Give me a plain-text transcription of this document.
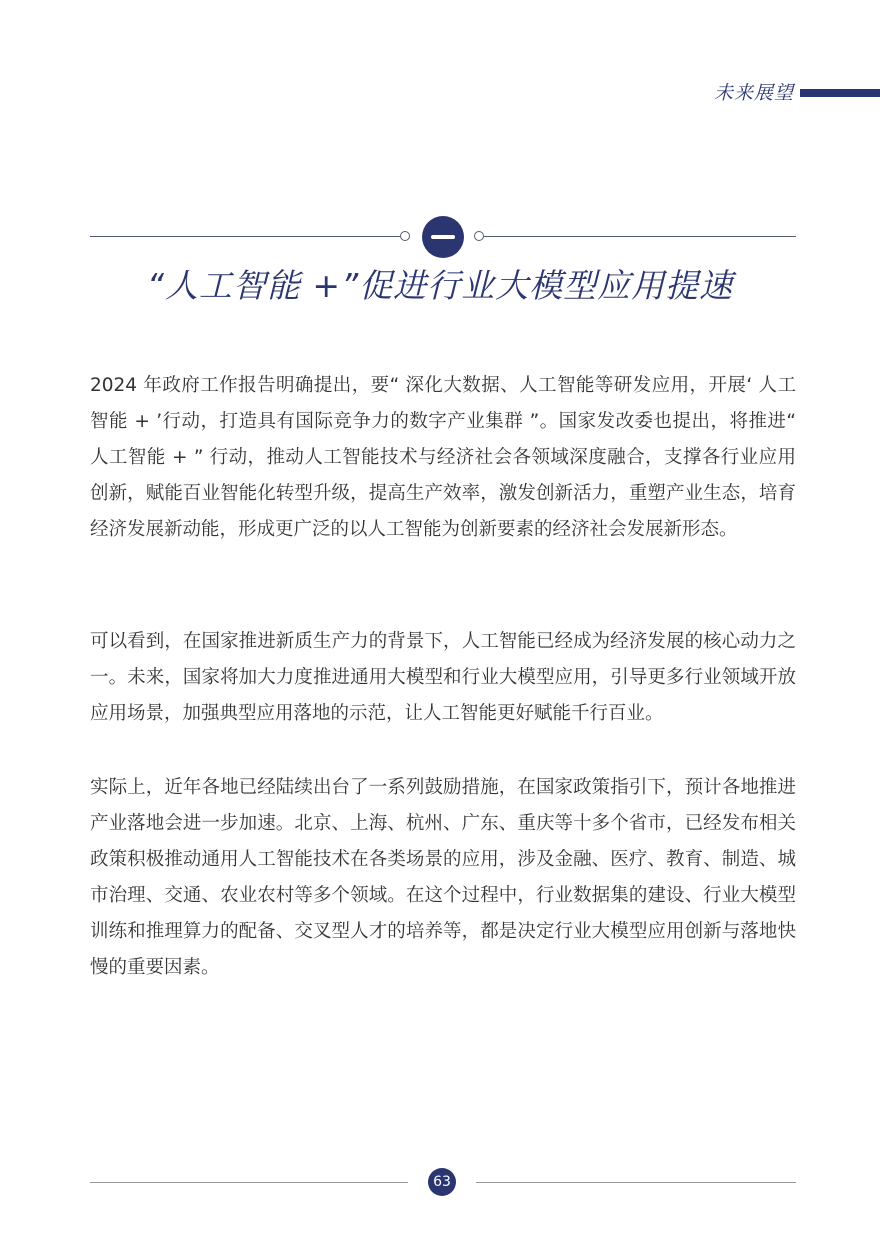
未来展望
“人工智能 +”促进行业大模型应用提速

2024 年政府工作报告明确提出，要“ 深化大数据、人工智能等研发应用，开展‘ 人工智能 + ’行动，打造具有国际竞争力的数字产业集群 ”。国家发改委也提出，将推进“ 人工智能 + ” 行动，推动人工智能技术与经济社会各领域深度融合，支撑各行业应用创新，赋能百业智能化转型升级，提高生产效率，激发创新活力，重塑产业生态，培育经济发展新动能，形成更广泛的以人工智能为创新要素的经济社会发展新形态。

可以看到，在国家推进新质生产力的背景下，人工智能已经成为经济发展的核心动力之一。未来，国家将加大力度推进通用大模型和行业大模型应用，引导更多行业领域开放应用场景，加强典型应用落地的示范，让人工智能更好赋能千行百业。

实际上，近年各地已经陆续出台了一系列鼓励措施，在国家政策指引下，预计各地推进产业落地会进一步加速。北京、上海、杭州、广东、重庆等十多个省市，已经发布相关政策积极推动通用人工智能技术在各类场景的应用，涉及金融、医疗、教育、制造、城市治理、交通、农业农村等多个领域。在这个过程中，行业数据集的建设、行业大模型训练和推理算力的配备、交叉型人才的培养等，都是决定行业大模型应用创新与落地快慢的重要因素。

63
